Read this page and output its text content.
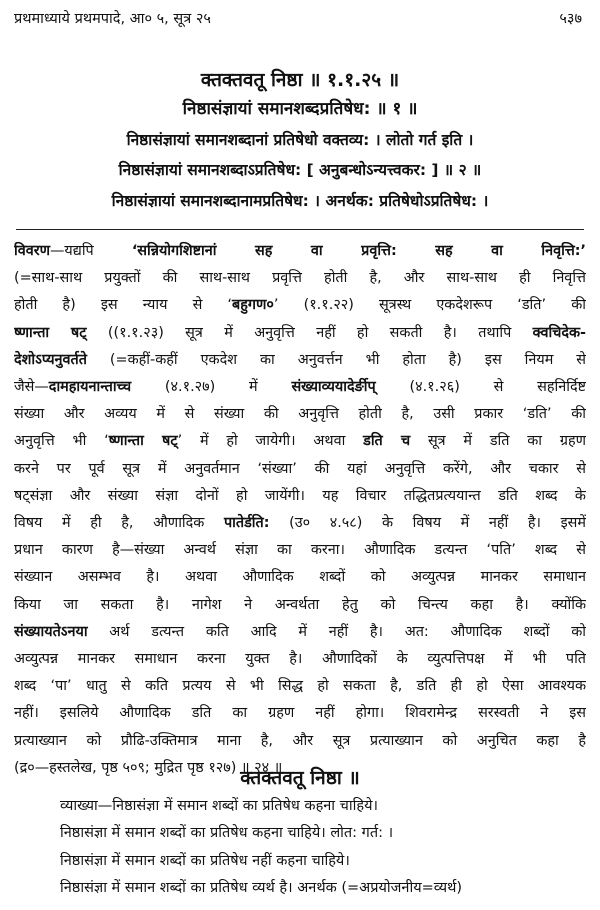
प्रथमाध्याये प्रथमपादे, आ० ५, सूत्र २५	५३७
क्तक्तवतू निष्ठा ॥ १.१.२५ ॥
निष्ठासंज्ञायां समानशब्दप्रतिषेध: ॥ १ ॥
निष्ठासंज्ञायां समानशब्दानां प्रतिषेधो वक्तव्य: । लोतो गर्त इति ।
निष्ठासंज्ञायां समानशब्दाऽप्रतिषेध: [ अनुबन्धोऽन्यत्त्वकर: ] ॥ २ ॥
निष्ठासंज्ञायां समानशब्दानामप्रतिषेध: । अनर्थक: प्रतिषेधोऽप्रतिषेध: ।
विवरण—यद्यपि ‘सन्नियोगशिष्टानां सह वा प्रवृत्ति: सह वा निवृत्ति:’
(=साथ-साथ प्रयुक्तों की साथ-साथ प्रवृत्ति होती है, और साथ-साथ ही निवृत्ति
होती है) इस न्याय से ‘बहुगण०’ (१.१.२२) सूत्रस्थ एकदेशरूप ‘डति’ की
ष्णान्ता षट् ((१.१.२३) सूत्र में अनुवृत्ति नहीं हो सकती है। तथापि क्वचिदेक-
देशोऽप्यनुवर्तते (=कहीं-कहीं एकदेश का अनुवर्त्तन भी होता है) इस नियम से
जैसे—दामहायनान्ताच्च (४.१.२७) में संख्याव्ययादेर्ङीप् (४.१.२६) से सहनिर्दिष्ट
संख्या और अव्यय में से संख्या की अनुवृत्ति होती है, उसी प्रकार ‘डति’ की
अनुवृत्ति भी ‘ष्णान्ता षट्’ में हो जायेगी। अथवा डति च सूत्र में डति का ग्रहण
करने पर पूर्व सूत्र में अनुवर्तमान ‘संख्या’ की यहां अनुवृत्ति करेंगे, और चकार से
षट्संज्ञा और संख्या संज्ञा दोनों हो जायेंगी। यह विचार तद्धितप्रत्ययान्त डति शब्द के
विषय में ही है, औणादिक पातेर्डति: (उ० ४.५८) के विषय में नहीं है। इसमें
प्रधान कारण है—संख्या अन्वर्थ संज्ञा का करना। औणादिक डत्यन्त ‘पति’ शब्द से
संख्यान असम्भव है। अथवा औणादिक शब्दों को अव्युत्पन्न मानकर समाधान
किया जा सकता है। नागेश ने अन्वर्थता हेतु को चिन्त्य कहा है। क्योंकि
संख्यायतेऽनया अर्थ डत्यन्त कति आदि में नहीं है। अत: औणादिक शब्दों को
अव्युत्पन्न मानकर समाधान करना युक्त है। औणादिकों के व्युत्पत्तिपक्ष में भी पति
शब्द ‘पा’ धातु से कति प्रत्यय से भी सिद्ध हो सकता है, डति ही हो ऐसा आवश्यक
नहीं। इसलिये औणादिक डति का ग्रहण नहीं होगा। शिवरामेन्द्र सरस्वती ने इस
प्रत्याख्यान को प्रौढि-उक्तिमात्र माना है, और सूत्र प्रत्याख्यान को अनुचित कहा है
(द्र०—हस्तलेख, पृष्ठ ५०९; मुद्रित पृष्ठ १२७) ॥ २४ ॥
क्तक्तवतू निष्ठा ॥
व्याख्या—निष्ठासंज्ञा में समान शब्दों का प्रतिषेध कहना चाहिये।
निष्ठासंज्ञा में समान शब्दों का प्रतिषेध कहना चाहिये। लोत: गर्त: ।
निष्ठासंज्ञा में समान शब्दों का प्रतिषेध नहीं कहना चाहिये।
निष्ठासंज्ञा में समान शब्दों का प्रतिषेध व्यर्थ है। अनर्थक (=अप्रयोजनीय=व्यर्थ)
